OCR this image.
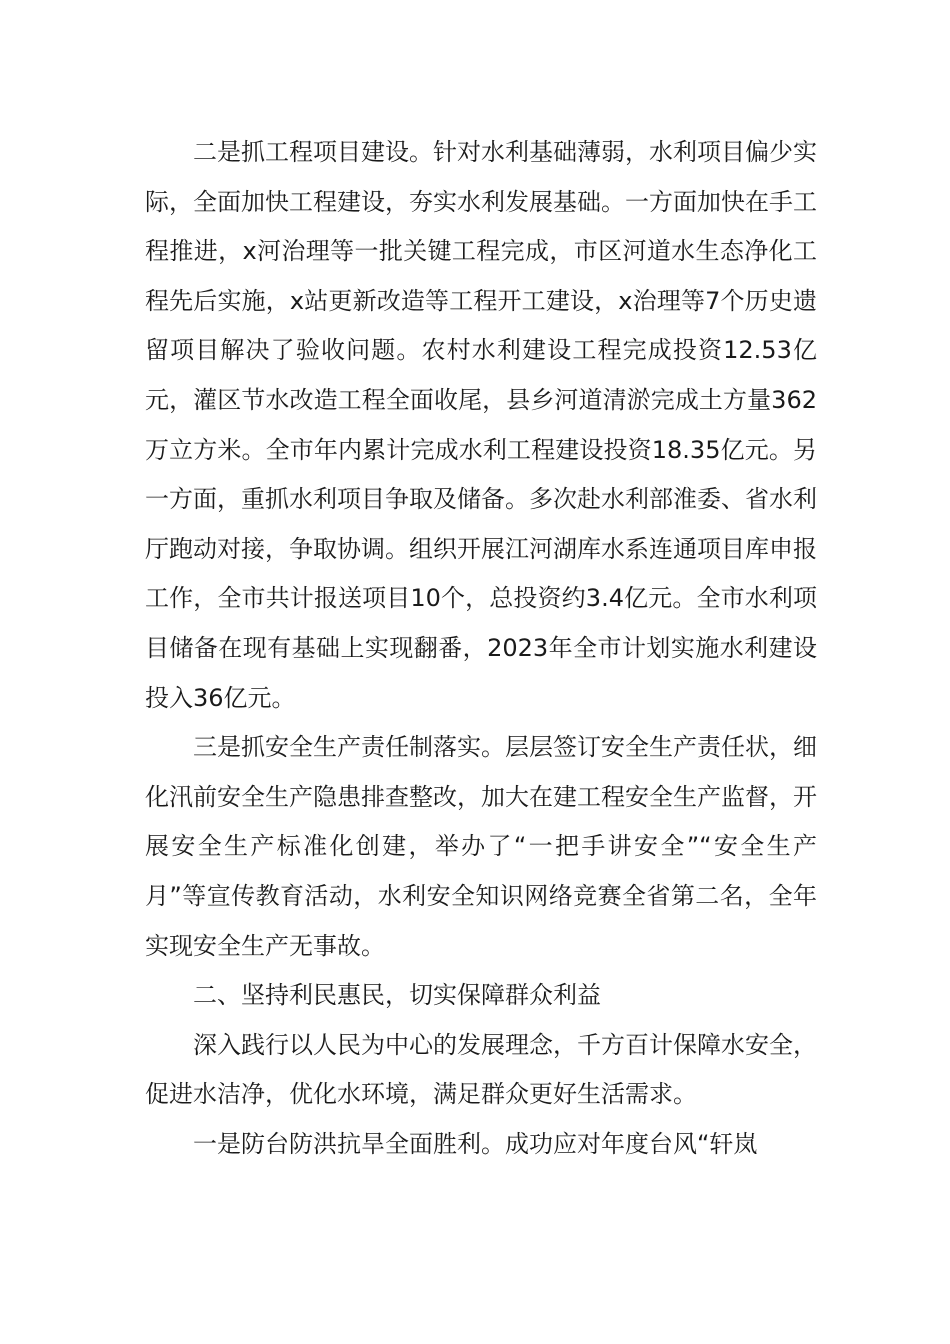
二是抓工程项目建设。针对水利基础薄弱，水利项目偏少实际，全面加快工程建设，夯实水利发展基础。一方面加快在手工程推进，x河治理等一批关键工程完成，市区河道水生态净化工程先后实施，x站更新改造等工程开工建设，x治理等7个历史遗留项目解决了验收问题。农村水利建设工程完成投资12.53亿元，灌区节水改造工程全面收尾，县乡河道清淤完成土方量362万立方米。全市年内累计完成水利工程建设投资18.35亿元。另一方面，重抓水利项目争取及储备。多次赴水利部淮委、省水利厅跑动对接，争取协调。组织开展江河湖库水系连通项目库申报工作，全市共计报送项目10个，总投资约3.4亿元。全市水利项目储备在现有基础上实现翻番，2023年全市计划实施水利建设投入36亿元。

三是抓安全生产责任制落实。层层签订安全生产责任状，细化汛前安全生产隐患排查整改，加大在建工程安全生产监督，开展安全生产标准化创建，举办了“一把手讲安全”“安全生产月”等宣传教育活动，水利安全知识网络竞赛全省第二名，全年实现安全生产无事故。

二、坚持利民惠民，切实保障群众利益

深入践行以人民为中心的发展理念，千方百计保障水安全，促进水洁净，优化水环境，满足群众更好生活需求。

一是防台防洪抗旱全面胜利。成功应对年度台风“轩岚
